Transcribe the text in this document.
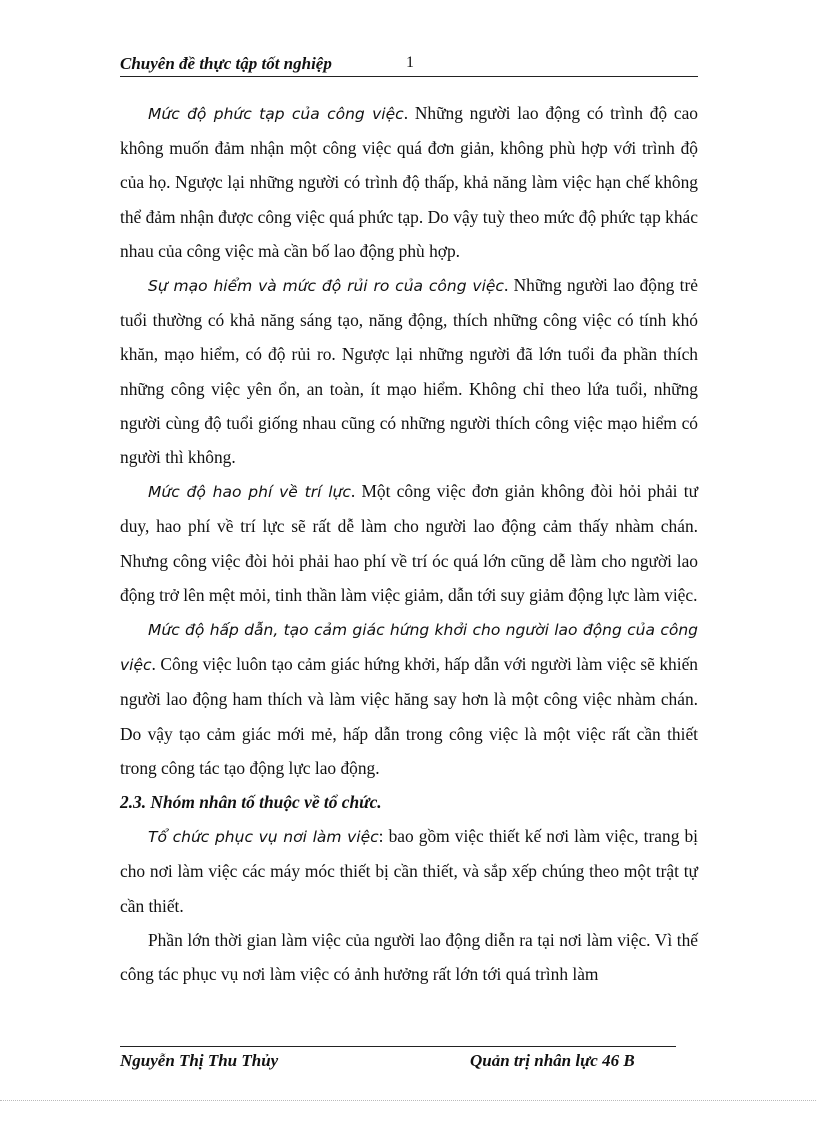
Chuyên đề thực tập tốt nghiệp	1

Mức độ phức tạp của công việc. Những người lao động có trình độ cao không muốn đảm nhận một công việc quá đơn giản, không phù hợp với trình độ của họ. Ngược lại những người có trình độ thấp, khả năng làm việc hạn chế không thể đảm nhận được công việc quá phức tạp. Do vậy tuỳ theo mức độ phức tạp khác nhau của công việc mà cần bố lao động phù hợp.

Sự mạo hiểm và mức độ rủi ro của công việc. Những người lao động trẻ tuổi thường có khả năng sáng tạo, năng động, thích những công việc có tính khó khăn, mạo hiểm, có độ rủi ro. Ngược lại những người đã lớn tuổi đa phần thích những công việc yên ổn, an toàn, ít mạo hiểm. Không chỉ theo lứa tuổi, những người cùng độ tuổi giống nhau cũng có những người thích công việc mạo hiểm có người thì không.

Mức độ hao phí về trí lực. Một công việc đơn giản không đòi hỏi phải tư duy, hao phí về trí lực sẽ rất dễ làm cho người lao động cảm thấy nhàm chán. Nhưng công việc đòi hỏi phải hao phí về trí óc quá lớn cũng dễ làm cho người lao động trở lên mệt mỏi, tinh thần làm việc giảm, dẫn tới suy giảm động lực làm việc.

Mức độ hấp dẫn, tạo cảm giác hứng khởi cho người lao động của công việc. Công việc luôn tạo cảm giác hứng khởi, hấp dẫn với người làm việc sẽ khiến người lao động ham thích và làm việc hăng say hơn là một công việc nhàm chán. Do vậy tạo cảm giác mới mẻ, hấp dẫn trong công việc là một việc rất cần thiết trong công tác tạo động lực lao động.

2.3. Nhóm nhân tố thuộc về tổ chức.

Tổ chức phục vụ nơi làm việc: bao gồm việc thiết kế nơi làm việc, trang bị cho nơi làm việc các máy móc thiết bị cần thiết, và sắp xếp chúng theo một trật tự cần thiết.

Phần lớn thời gian làm việc của người lao động diễn ra tại nơi làm việc. Vì thế công tác phục vụ nơi làm việc có ảnh hưởng rất lớn tới quá trình làm

Nguyễn Thị Thu Thủy	Quản trị nhân lực 46 B
